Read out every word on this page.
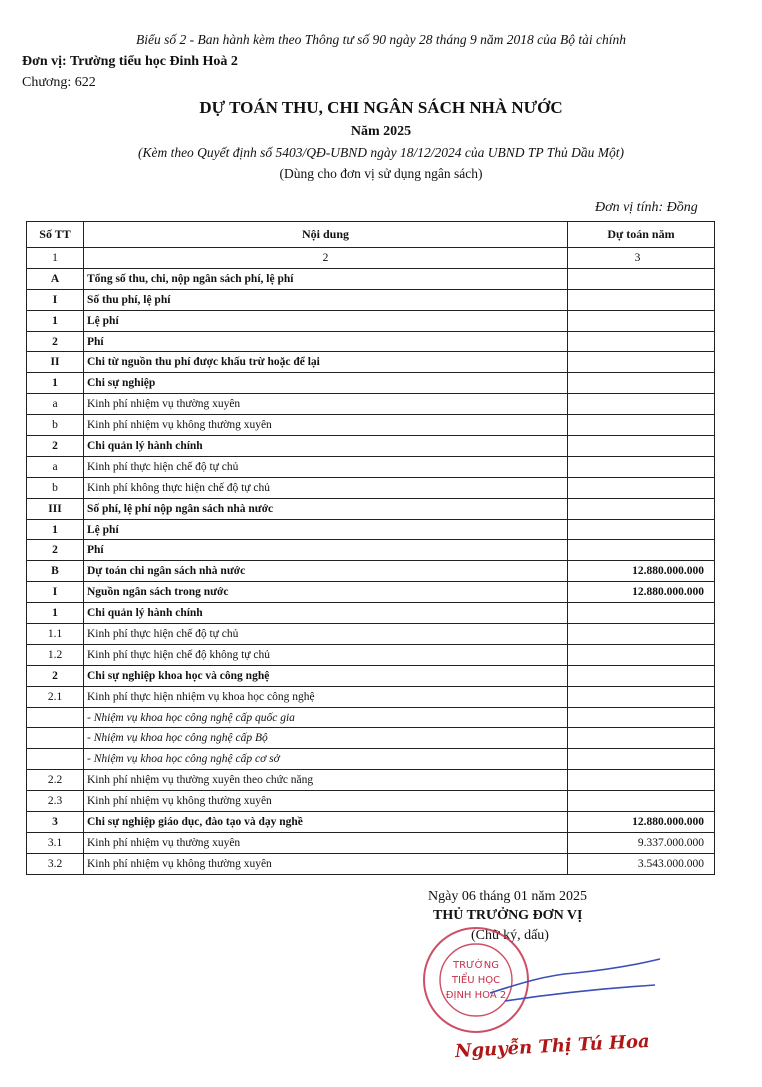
Biểu số 2 - Ban hành kèm theo Thông tư số 90 ngày 28 tháng 9 năm 2018 của Bộ tài chính
Đơn vị: Trường tiểu học Đinh Hoà 2
Chương: 622
DỰ TOÁN THU, CHI NGÂN SÁCH NHÀ NƯỚC
Năm 2025
(Kèm theo Quyết định số 5403/QĐ-UBND ngày 18/12/2024 của UBND TP Thủ Dầu Một)
(Dùng cho đơn vị sử dụng ngân sách)
Đơn vị tính: Đồng
Số TT	Nội dung	Dự toán năm
1	2	3
A	Tổng số thu, chi, nộp ngân sách phí, lệ phí	
I	Số thu phí, lệ phí	
1	Lệ phí	
2	Phí	
II	Chi từ nguồn thu phí được khấu trừ hoặc để lại	
1	Chi sự nghiệp	
a	Kinh phí nhiệm vụ thường xuyên	
b	Kinh phí nhiệm vụ không thường xuyên	
2	Chi quản lý hành chính	
a	Kinh phí thực hiện chế độ tự chủ	
b	Kinh phí không thực hiện chế độ tự chủ	
III	Số phí, lệ phí nộp ngân sách nhà nước	
1	Lệ phí	
2	Phí	
B	Dự toán chi ngân sách nhà nước	12.880.000.000
I	Nguồn ngân sách trong nước	12.880.000.000
1	Chi quản lý hành chính	
1.1	Kinh phí thực hiện chế độ tự chủ	
1.2	Kinh phí thực hiện chế độ không tự chủ	
2	Chi sự nghiệp khoa học và công nghệ	
2.1	Kinh phí thực hiện nhiệm vụ khoa học công nghệ	
	- Nhiệm vụ khoa học công nghệ cấp quốc gia	
	- Nhiệm vụ khoa học công nghệ cấp Bộ	
	- Nhiệm vụ khoa học công nghệ cấp cơ sở	
2.2	Kinh phí nhiệm vụ thường xuyên theo chức năng	
2.3	Kinh phí nhiệm vụ không thường xuyên	
3	Chi sự nghiệp giáo dục, đào tạo và dạy nghề	12.880.000.000
3.1	Kinh phí nhiệm vụ thường xuyên	9.337.000.000
3.2	Kinh phí nhiệm vụ không thường xuyên	3.543.000.000
Ngày 06 tháng 01 năm 2025
THỦ TRƯỞNG ĐƠN VỊ
(Chữ ký, dấu)
TRƯỜNG
TIỂU HỌC
ĐỊNH HOÀ 2
Nguyễn Thị Tú Hoa
